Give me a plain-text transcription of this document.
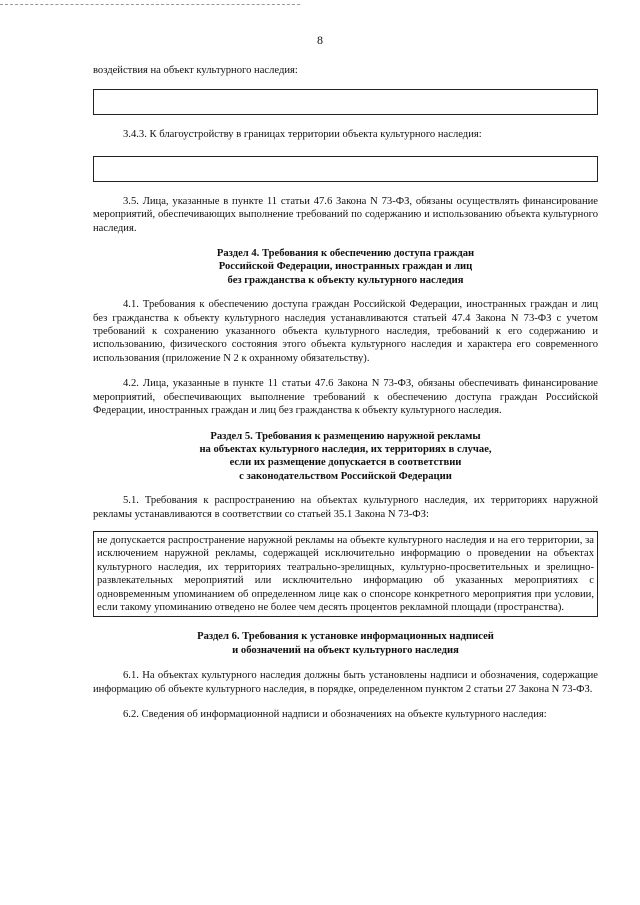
8

воздействия на объект культурного наследия:

3.4.3. К благоустройству в границах территории объекта культурного наследия:

3.5. Лица, указанные в пункте 11 статьи 47.6 Закона N 73-ФЗ, обязаны осуществлять финансирование мероприятий, обеспечивающих выполнение требований по содержанию и использованию объекта культурного наследия.

Раздел 4. Требования к обеспечению доступа граждан

Российской Федерации, иностранных граждан и лиц

без гражданства к объекту культурного наследия

4.1. Требования к обеспечению доступа граждан Российской Федерации, иностранных граждан и лиц без гражданства к объекту культурного наследия устанавливаются статьей 47.4 Закона N 73-ФЗ с учетом требований к сохранению указанного объекта культурного наследия, требований к его содержанию и использованию, физического состояния этого объекта культурного наследия и характера его современного использования (приложение N 2 к охранному обязательству).

4.2. Лица, указанные в пункте 11 статьи 47.6 Закона N 73-ФЗ, обязаны обеспечивать финансирование мероприятий, обеспечивающих выполнение требований к обеспечению доступа граждан Российской Федерации, иностранных граждан и лиц без гражданства к объекту культурного наследия.

Раздел 5. Требования к размещению наружной рекламы

на объектах культурного наследия, их территориях в случае,

если их размещение допускается в соответствии

с законодательством Российской Федерации

5.1. Требования к распространению на объектах культурного наследия, их территориях наружной рекламы устанавливаются в соответствии со статьей 35.1 Закона N 73-ФЗ:

не допускается распространение наружной рекламы на объекте культурного наследия и на его территории, за исключением наружной рекламы, содержащей исключительно информацию о проведении на объектах культурного наследия, их территориях театрально-зрелищных, культурно-просветительных и зрелищно-развлекательных мероприятий или исключительно информацию об указанных мероприятиях с одновременным упоминанием об определенном лице как о спонсоре конкретного мероприятия при условии, если такому упоминанию отведено не более чем десять процентов рекламной площади (пространства).

Раздел 6. Требования к установке информационных надписей

и обозначений на объект культурного наследия

6.1. На объектах культурного наследия должны быть установлены надписи и обозначения, содержащие информацию об объекте культурного наследия, в порядке, определенном пунктом 2 статьи 27 Закона N 73-ФЗ.

6.2. Сведения об информационной надписи и обозначениях на объекте культурного наследия:
